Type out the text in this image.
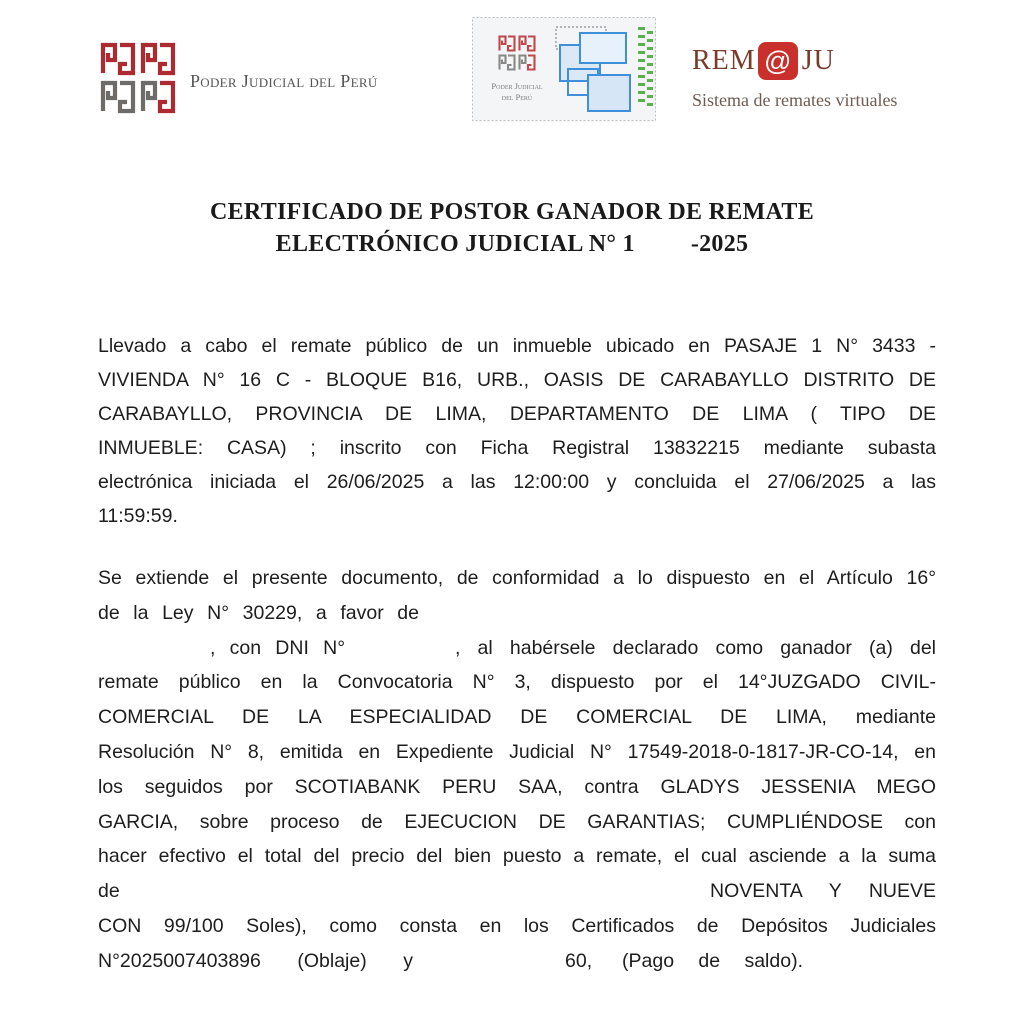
Poder Judicial del Perú	Poder Judicial
del Perú
REM @ JU
Sistema de remates virtuales
CERTIFICADO DE POSTOR GANADOR DE REMATE
ELECTRÓNICO JUDICIAL N° 1 -2025
Llevado a cabo el remate público de un inmueble ubicado en PASAJE 1 N° 3433 -
VIVIENDA N° 16 C - BLOQUE B16, URB., OASIS DE CARABAYLLO DISTRITO DE
CARABAYLLO, PROVINCIA DE LIMA, DEPARTAMENTO DE LIMA ( TIPO DE
INMUEBLE: CASA) ; inscrito con Ficha Registral 13832215 mediante subasta
electrónica iniciada el 26/06/2025 a las 12:00:00 y concluida el 27/06/2025 a las
11:59:59.
Se extiende el presente documento, de conformidad a lo dispuesto en el Artículo 16°
de la Ley N° 30229, a favor de
, con DNI N°	, al habérsele declarado como ganador (a) del
remate público en la Convocatoria N° 3, dispuesto por el 14°JUZGADO CIVIL-
COMERCIAL DE LA ESPECIALIDAD DE COMERCIAL DE LIMA, mediante
Resolución N° 8, emitida en Expediente Judicial N° 17549-2018-0-1817-JR-CO-14, en
los seguidos por SCOTIABANK PERU SAA, contra GLADYS JESSENIA MEGO
GARCIA, sobre proceso de EJECUCION DE GARANTIAS; CUMPLIÉNDOSE con
hacer efectivo el total del precio del bien puesto a remate, el cual asciende a la suma
de	NOVENTA Y NUEVE
CON 99/100 Soles), como consta en los Certificados de Depósitos Judiciales
N°2025007403896 (Oblaje) y	60, (Pago de saldo).
